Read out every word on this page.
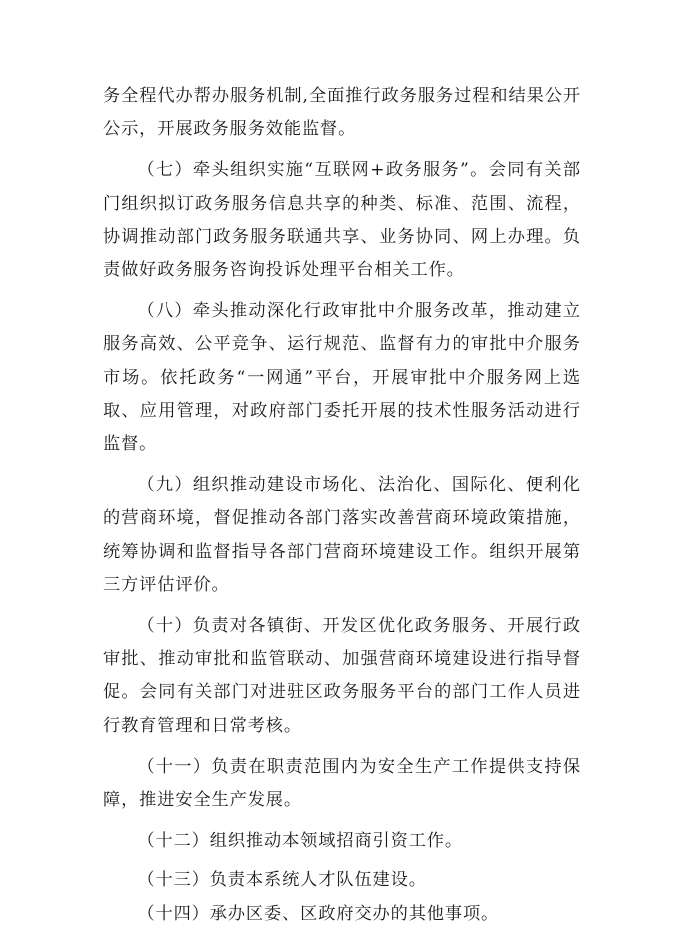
务全程代办帮办服务机制,全面推行政务服务过程和结果公开公示，开展政务服务效能监督。

（七）牵头组织实施“互联网+政务服务”。会同有关部门组织拟订政务服务信息共享的种类、标准、范围、流程，协调推动部门政务服务联通共享、业务协同、网上办理。负责做好政务服务咨询投诉处理平台相关工作。

（八）牵头推动深化行政审批中介服务改革，推动建立服务高效、公平竞争、运行规范、监督有力的审批中介服务市场。依托政务“一网通”平台，开展审批中介服务网上选取、应用管理，对政府部门委托开展的技术性服务活动进行监督。

（九）组织推动建设市场化、法治化、国际化、便利化的营商环境，督促推动各部门落实改善营商环境政策措施，统筹协调和监督指导各部门营商环境建设工作。组织开展第三方评估评价。

（十）负责对各镇街、开发区优化政务服务、开展行政审批、推动审批和监管联动、加强营商环境建设进行指导督促。会同有关部门对进驻区政务服务平台的部门工作人员进行教育管理和日常考核。

（十一）负责在职责范围内为安全生产工作提供支持保障，推进安全生产发展。

（十二）组织推动本领域招商引资工作。

（十三）负责本系统人才队伍建设。

（十四）承办区委、区政府交办的其他事项。
